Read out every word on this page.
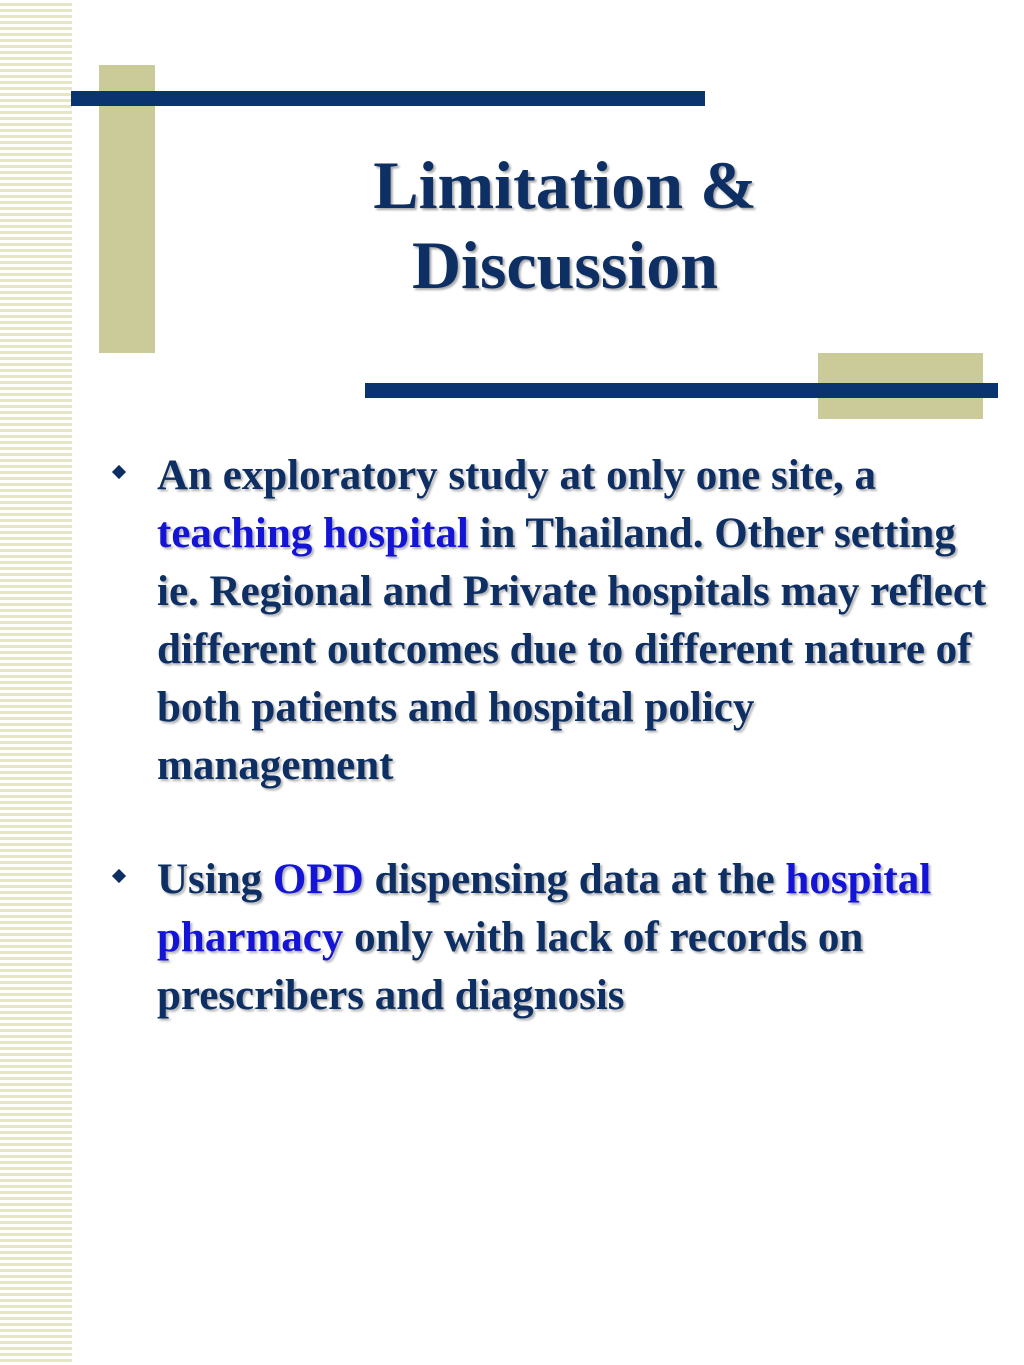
Limitation &
Discussion
An exploratory study at only one site, a teaching hospital in Thailand. Other setting ie. Regional and Private hospitals may reflect different outcomes due to different nature of both patients and hospital policy management
Using OPD dispensing data at the hospital pharmacy only with lack of records on prescribers and diagnosis
